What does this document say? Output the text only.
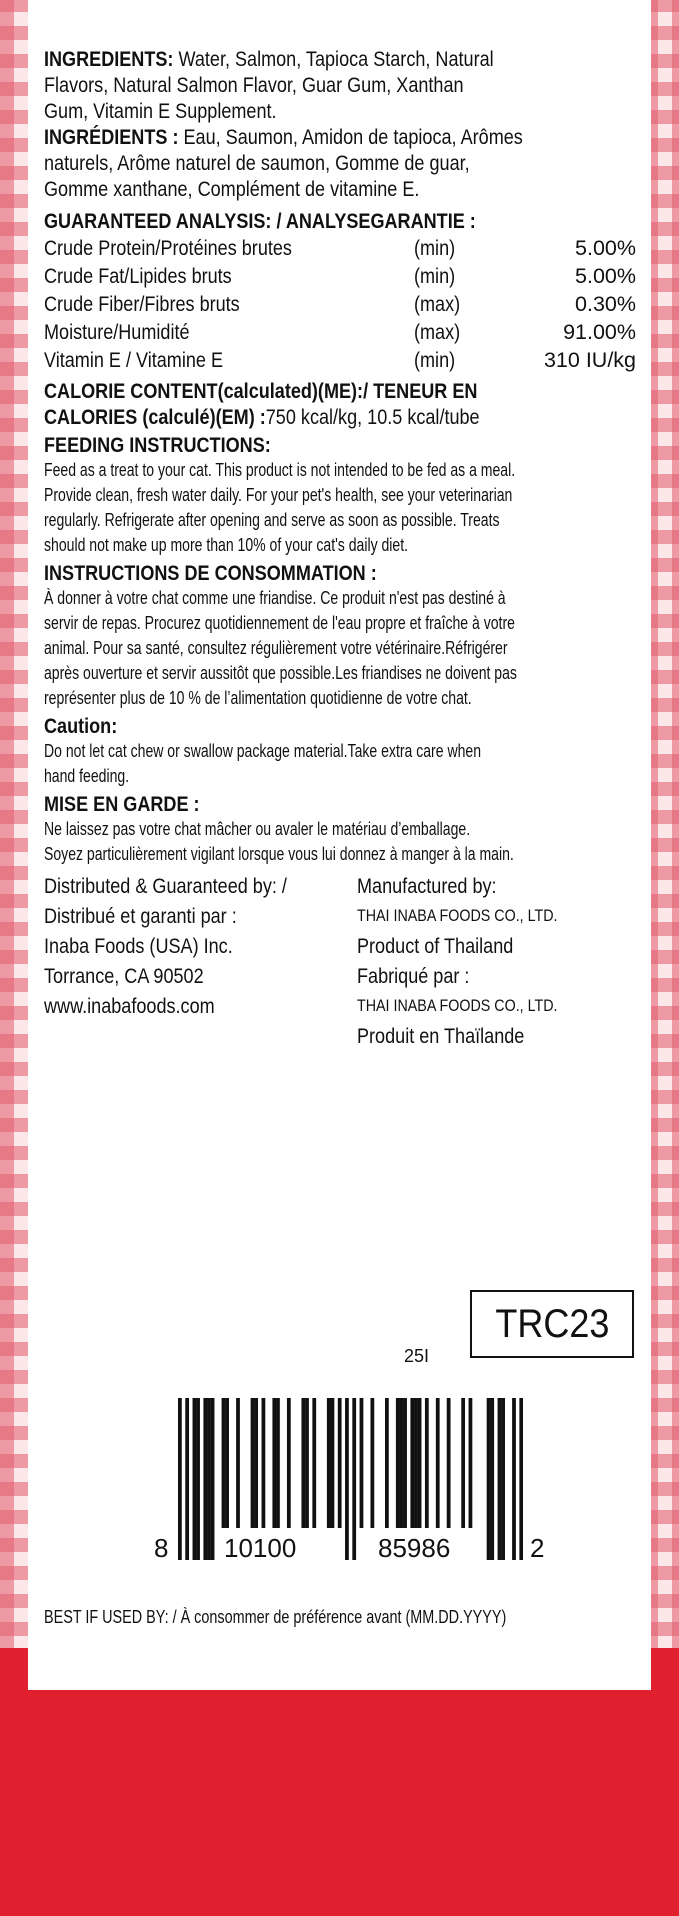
INGREDIENTS: Water, Salmon, Tapioca Starch, Natural
Flavors, Natural Salmon Flavor, Guar Gum, Xanthan
Gum, Vitamin E Supplement.
INGRÉDIENTS : Eau, Saumon, Amidon de tapioca, Arômes
naturels, Arôme naturel de saumon, Gomme de guar,
Gomme xanthane, Complément de vitamine E.
GUARANTEED ANALYSIS: / ANALYSEGARANTIE :
Crude Protein/Protéines brutes	(min)	5.00%
Crude Fat/Lipides bruts	(min)	5.00%
Crude Fiber/Fibres bruts	(max)	0.30%
Moisture/Humidité	(max)	91.00%
Vitamin E / Vitamine E	(min)	310 IU/kg
CALORIE CONTENT(calculated)(ME):/ TENEUR EN
CALORIES (calculé)(EM) :750 kcal/kg, 10.5 kcal/tube
FEEDING INSTRUCTIONS:
Feed as a treat to your cat. This product is not intended to be fed as a meal.
Provide clean, fresh water daily. For your pet's health, see your veterinarian
regularly. Refrigerate after opening and serve as soon as possible. Treats
should not make up more than 10% of your cat's daily diet.
INSTRUCTIONS DE CONSOMMATION :
À donner à votre chat comme une friandise. Ce produit n'est pas destiné à
servir de repas. Procurez quotidiennement de l'eau propre et fraîche à votre
animal. Pour sa santé, consultez régulièrement votre vétérinaire.Réfrigérer
après ouverture et servir aussitôt que possible.Les friandises ne doivent pas
représenter plus de 10 % de l’alimentation quotidienne de votre chat.
Caution:
Do not let cat chew or swallow package material.Take extra care when
hand feeding.
MISE EN GARDE :
Ne laissez pas votre chat mâcher ou avaler le matériau d’emballage.
Soyez particulièrement vigilant lorsque vous lui donnez à manger à la main.
Distributed & Guaranteed by: /
Distribué et garanti par :
Inaba Foods (USA) Inc.
Torrance, CA 90502
www.inabafoods.com
Manufactured by:
THAI INABA FOODS CO., LTD.
Product of Thailand
Fabriqué par :
THAI INABA FOODS CO., LTD.
Produit en Thaïlande
25I
TRC23
8 10100	85986	2
BEST IF USED BY: / À consommer de préférence avant (MM.DD.YYYY)
